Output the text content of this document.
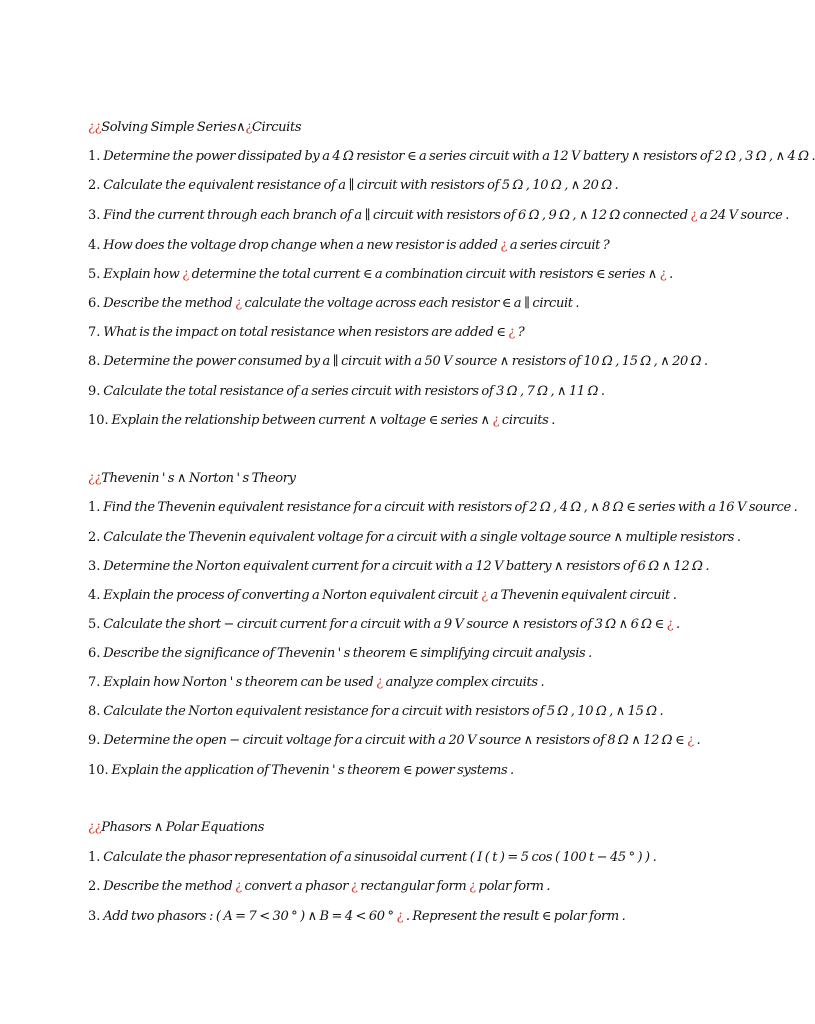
¿¿Solving Simple Series∧¿Circuits
1. Determine the power dissipated by a 4 Ω resistor ∈ a series circuit with a 12 V battery ∧ resistors of 2 Ω , 3 Ω , ∧ 4 Ω .
2. Calculate the equivalent resistance of a ∥ circuit with resistors of 5 Ω , 10 Ω , ∧ 20 Ω .
3. Find the current through each branch of a ∥ circuit with resistors of 6 Ω , 9 Ω , ∧ 12 Ω connected ¿ a 24 V source .
4. How does the voltage drop change when a new resistor is added ¿ a series circuit ?
5. Explain how ¿ determine the total current ∈ a combination circuit with resistors ∈ series ∧ ¿ .
6. Describe the method ¿ calculate the voltage across each resistor ∈ a ∥ circuit .
7. What is the impact on total resistance when resistors are added ∈ ¿ ?
8. Determine the power consumed by a ∥ circuit with a 50 V source ∧ resistors of 10 Ω , 15 Ω , ∧ 20 Ω .
9. Calculate the total resistance of a series circuit with resistors of 3 Ω , 7 Ω , ∧ 11 Ω .
10. Explain the relationship between current ∧ voltage ∈ series ∧ ¿ circuits .
¿¿Thevenin ' s ∧ Norton ' s Theory
1. Find the Thevenin equivalent resistance for a circuit with resistors of 2 Ω , 4 Ω , ∧ 8 Ω ∈ series with a 16 V source .
2. Calculate the Thevenin equivalent voltage for a circuit with a single voltage source ∧ multiple resistors .
3. Determine the Norton equivalent current for a circuit with a 12 V battery ∧ resistors of 6 Ω ∧ 12 Ω .
4. Explain the process of converting a Norton equivalent circuit ¿ a Thevenin equivalent circuit .
5. Calculate the short − circuit current for a circuit with a 9 V source ∧ resistors of 3 Ω ∧ 6 Ω ∈ ¿ .
6. Describe the significance of Thevenin ' s theorem ∈ simplifying circuit analysis .
7. Explain how Norton ' s theorem can be used ¿ analyze complex circuits .
8. Calculate the Norton equivalent resistance for a circuit with resistors of 5 Ω , 10 Ω , ∧ 15 Ω .
9. Determine the open − circuit voltage for a circuit with a 20 V source ∧ resistors of 8 Ω ∧ 12 Ω ∈ ¿ .
10. Explain the application of Thevenin ' s theorem ∈ power systems .
¿¿Phasors ∧ Polar Equations
1. Calculate the phasor representation of a sinusoidal current ( I ( t ) = 5 cos ( 100 t − 45 ° ) ) .
2. Describe the method ¿ convert a phasor ¿ rectangular form ¿ polar form .
3. Add two phasors : ( A = 7 < 30 ° ) ∧ B = 4 < 60 ° ¿ . Represent the result ∈ polar form .
